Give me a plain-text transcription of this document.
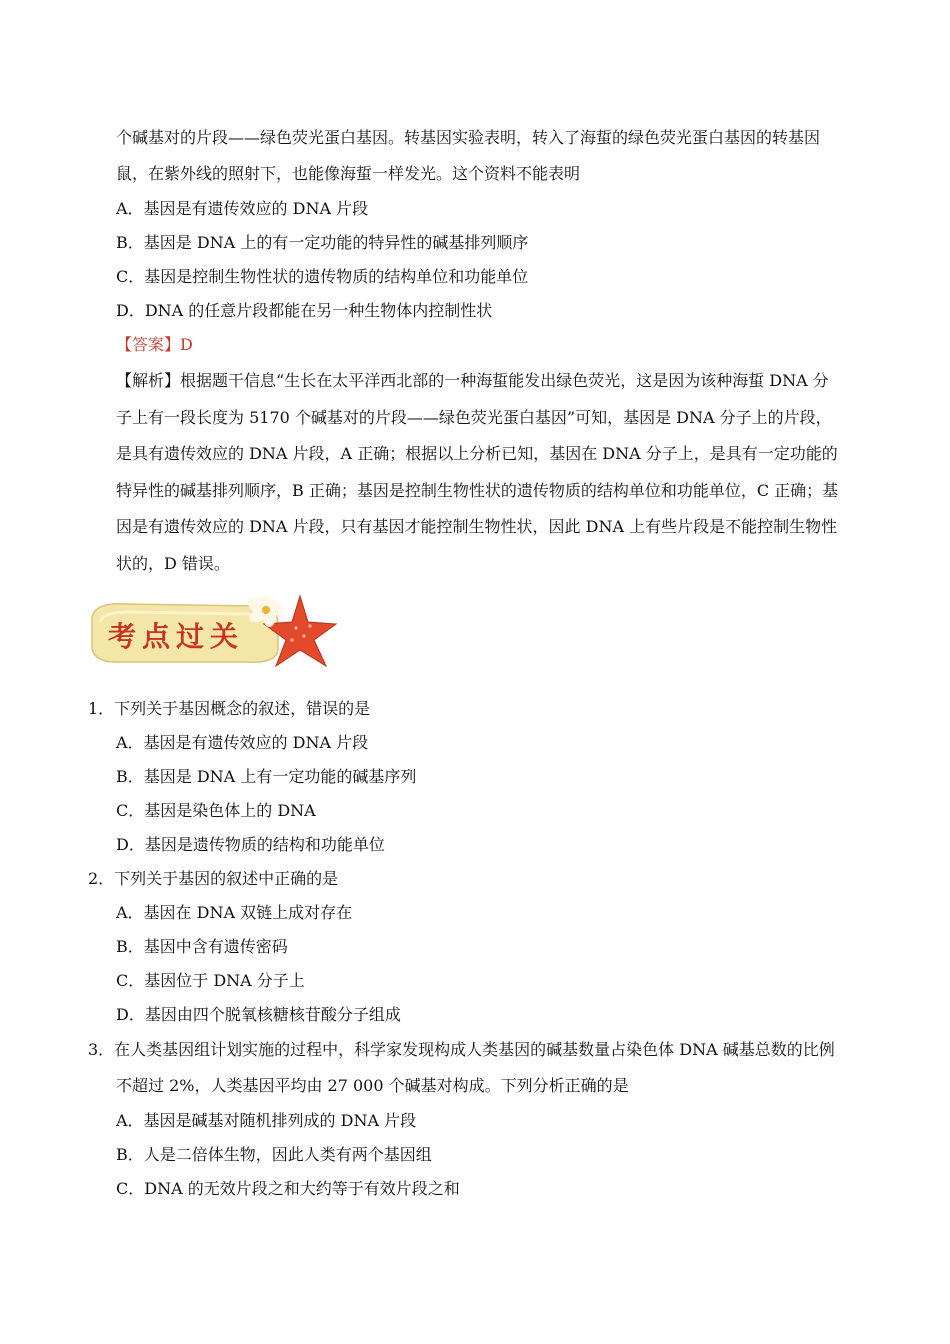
个碱基对的片段——绿色荧光蛋白基因。转基因实验表明，转入了海蜇的绿色荧光蛋白基因的转基因
鼠，在紫外线的照射下，也能像海蜇一样发光。这个资料不能表明
A．基因是有遗传效应的 DNA 片段
B．基因是 DNA 上的有一定功能的特异性的碱基排列顺序
C．基因是控制生物性状的遗传物质的结构单位和功能单位
D．DNA 的任意片段都能在另一种生物体内控制性状
【答案】D
【解析】根据题干信息“生长在太平洋西北部的一种海蜇能发出绿色荧光，这是因为该种海蜇 DNA 分
子上有一段长度为 5170 个碱基对的片段——绿色荧光蛋白基因”可知，基因是 DNA 分子上的片段，
是具有遗传效应的 DNA 片段，A 正确；根据以上分析已知，基因在 DNA 分子上，是具有一定功能的
特异性的碱基排列顺序，B 正确；基因是控制生物性状的遗传物质的结构单位和功能单位，C 正确；基
因是有遗传效应的 DNA 片段，只有基因才能控制生物性状，因此 DNA 上有些片段是不能控制生物性
状的，D 错误。
考点过关
1．下列关于基因概念的叙述，错误的是
A．基因是有遗传效应的 DNA 片段
B．基因是 DNA 上有一定功能的碱基序列
C．基因是染色体上的 DNA
D．基因是遗传物质的结构和功能单位
2．下列关于基因的叙述中正确的是
A．基因在 DNA 双链上成对存在
B．基因中含有遗传密码
C．基因位于 DNA 分子上
D．基因由四个脱氧核糖核苷酸分子组成
3．在人类基因组计划实施的过程中，科学家发现构成人类基因的碱基数量占染色体 DNA 碱基总数的比例
不超过 2%，人类基因平均由 27 000 个碱基对构成。下列分析正确的是
A．基因是碱基对随机排列成的 DNA 片段
B．人是二倍体生物，因此人类有两个基因组
C．DNA 的无效片段之和大约等于有效片段之和
